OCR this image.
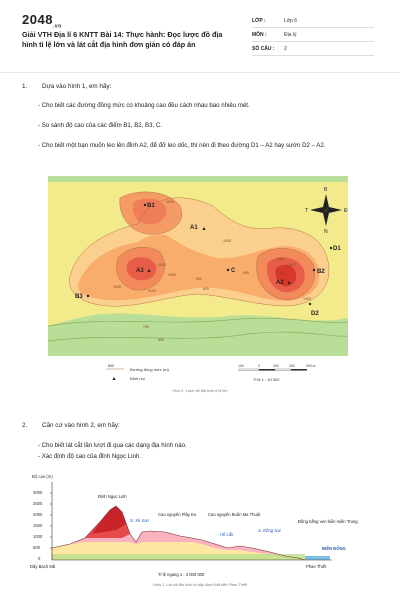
$2048_{.vn}$
Giải VTH Địa lí 6 KNTT Bài 14: Thực hành: Đọc lược đồ địa hình tỉ lệ lớn và lát cắt địa hình đơn giản có đáp án
LỚP :	Lớp 6
MÔN :	Địa lý
SỐ CÂU :	2
1. Dựa vào hình 1, em hãy:
- Cho biết các đường đồng mức có khoảng cao đều cách nhau bao nhiêu mét.
- So sánh độ cao của các điểm B1, B2, B3, C.
- Cho biết một bạn muốn leo lên đỉnh A2, để đỡ leo dốc, thì nên đi theo đường D1 – A2 hay sườn D2 – A2.
1000
1000
1100
1000
1100
1000
900
800
900
1000
1100
1200
1000
700
600
B1
A1
A3	C
A2
B2
D1
D2
B3
B
T	Đ
N
800
Đường đồng mức (m)
Đỉnh núi
100	0	100	200	300 m
Tỉ lệ 1 : 10 000
Hình 1. Lược đồ địa hình tỉ lệ lớn
2. Căn cứ vào hình 2, em hãy:
- Cho biết lát cắt lần lượt đi qua các dạng địa hình nào.
- Xác định độ cao của đỉnh Ngọc Linh.
Độ cao (m)
3000
2500
2000
1500
1000
500
0
Đỉnh Ngọc Linh
S. Xê Xan
Cao nguyên Plây Ku	Cao nguyên Buôn Ma Thuột
Hồ Lắk
S. Đồng Nai
Đồng bằng ven biển miền Trung
BIỂN ĐÔNG
Dãy Bạch Mã	Phan Thiết
Tỉ lệ ngang 1 : 4 000 000
Hình 2. Lát cắt địa hình từ dãy Bạch Mã đến Phan Thiết
